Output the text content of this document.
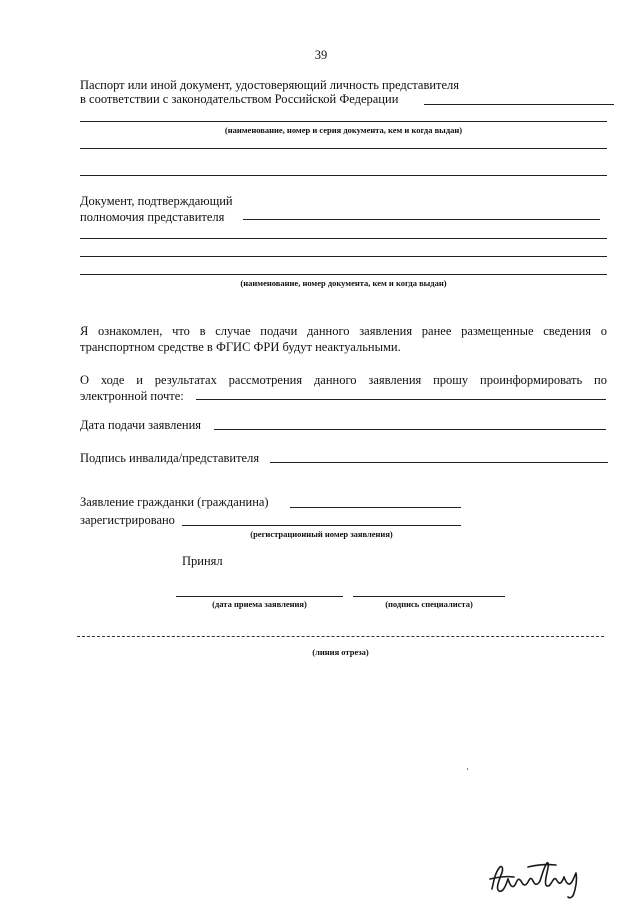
39
Паспорт или иной документ, удостоверяющий личность представителя
в соответствии с законодательством Российской Федерации
(наименование, номер и серия документа, кем и когда выдан)
Документ, подтверждающий
полномочия представителя
(наименование, номер документа, кем и когда выдан)
Я ознакомлен, что в случае подачи данного заявления ранее размещенные сведения о
транспортном средстве в ФГИС ФРИ будут неактуальными.
О ходе и результатах рассмотрения данного заявления прошу проинформировать по
электронной почте:
Дата подачи заявления
Подпись инвалида/представителя
Заявление гражданки (гражданина)
зарегистрировано
(регистрационный номер заявления)
Принял
(дата приема заявления)	(подпись специалиста)
(линия отреза)
